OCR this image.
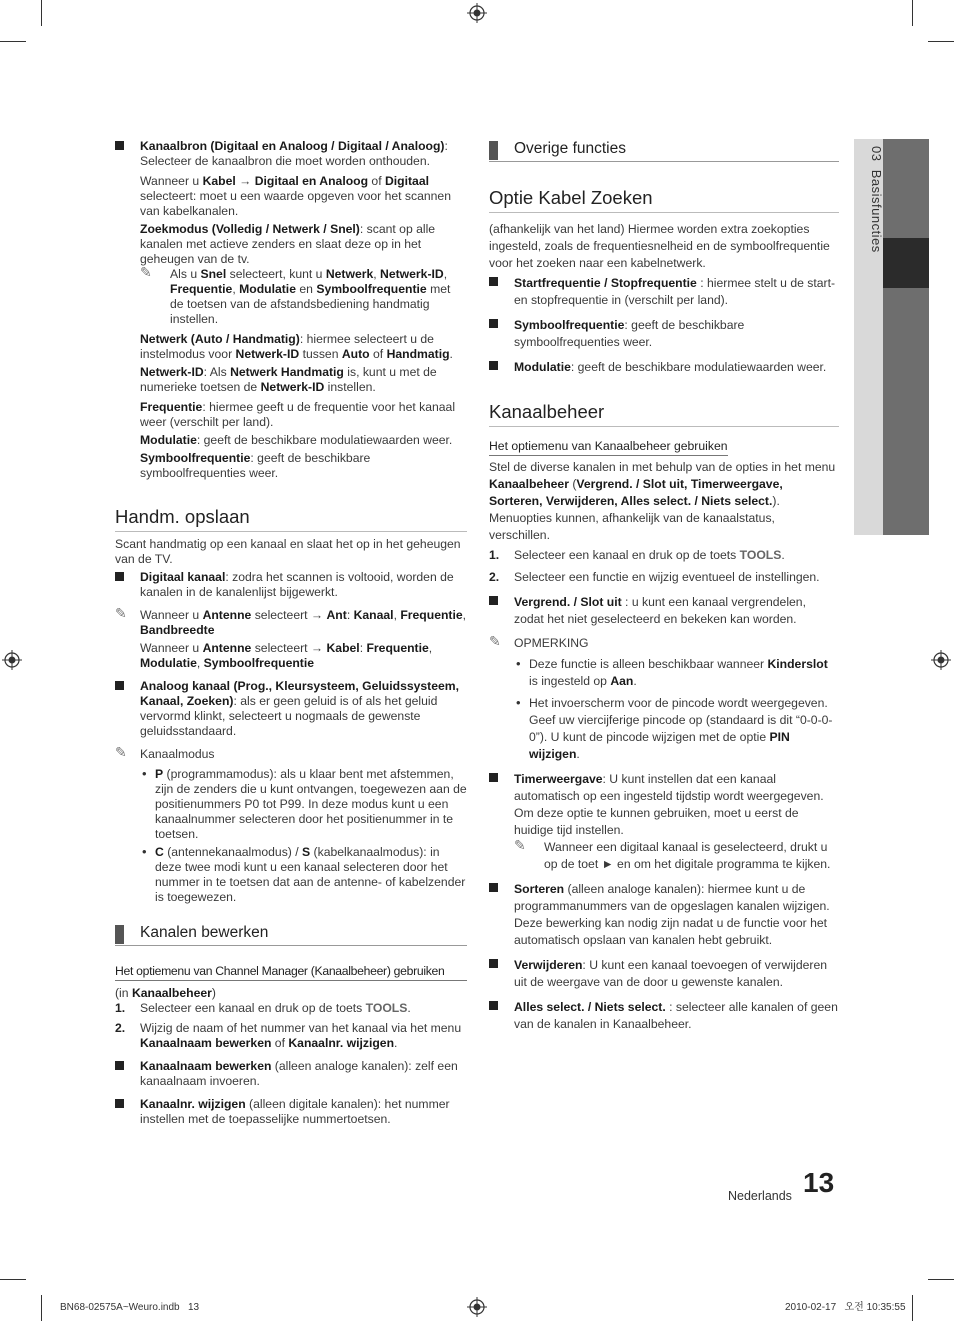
03  Basisfuncties

Kanaalbron (Digitaal en Analoog / Digitaal / Analoog): Selecteer de kanaalbron die moet worden onthouden.

Wanneer u Kabel → Digitaal en Analoog of Digitaal selecteert: moet u een waarde opgeven voor het scannen van kabelkanalen.

Zoekmodus (Volledig / Netwerk / Snel): scant op alle kanalen met actieve zenders en slaat deze op in het geheugen van de tv.

✎	Als u Snel selecteert, kunt u Netwerk, Netwerk-ID, Frequentie, Modulatie en Symboolfrequentie met de toetsen van de afstandsbediening handmatig instellen.

Netwerk (Auto / Handmatig): hiermee selecteert u de instelmodus voor Netwerk-ID tussen Auto of Handmatig.

Netwerk-ID: Als Netwerk Handmatig is, kunt u met de numerieke toetsen de Netwerk-ID instellen.

Frequentie: hiermee geeft u de frequentie voor het kanaal weer (verschilt per land).

Modulatie: geeft de beschikbare modulatiewaarden weer.

Symboolfrequentie: geeft de beschikbare symboolfrequenties weer.

Handm. opslaan

Scant handmatig op een kanaal en slaat het op in het geheugen van de TV.

Digitaal kanaal: zodra het scannen is voltooid, worden de kanalen in de kanalenlijst bijgewerkt.

✎ Wanneer u Antenne selecteert → Ant: Kanaal, Frequentie, Bandbreedte

Wanneer u Antenne selecteert → Kabel: Frequentie, Modulatie, Symboolfrequentie

Analoog kanaal (Prog., Kleursysteem, Geluidssysteem, Kanaal, Zoeken): als er geen geluid is of als het geluid vervormd klinkt, selecteert u nogmaals de gewenste geluidsstandaard.

✎ Kanaalmodus

• P (programmamodus): als u klaar bent met afstemmen, zijn de zenders die u kunt ontvangen, toegewezen aan de positienummers P0 tot P99. In deze modus kunt u een kanaalnummer selecteren door het positienummer in te toetsen.

• C (antennekanaalmodus) / S (kabelkanaalmodus): in deze twee modi kunt u een kanaal selecteren door het nummer in te toetsen dat aan de antenne- of kabelzender is toegewezen.

Kanalen bewerken
Het optiemenu van Channel Manager (Kanaalbeheer) gebruiken

(in Kanaalbeheer)

1. Selecteer een kanaal en druk op de toets TOOLS.

2. Wijzig de naam of het nummer van het kanaal via het menu Kanaalnaam bewerken of Kanaalnr. wijzigen.

Kanaalnaam bewerken (alleen analoge kanalen): zelf een kanaalnaam invoeren.

Kanaalnr. wijzigen (alleen digitale kanalen): het nummer instellen met de toepasselijke nummertoetsen.

Overige functies
Optie Kabel Zoeken

(afhankelijk van het land) Hiermee worden extra zoekopties ingesteld, zoals de frequentiesnelheid en de symboolfrequentie voor het zoeken naar een kabelnetwerk.

Startfrequentie / Stopfrequentie : hiermee stelt u de start- en stopfrequentie in (verschilt per land).

Symboolfrequentie: geeft de beschikbare symboolfrequenties weer.

Modulatie: geeft de beschikbare modulatiewaarden weer.

Kanaalbeheer
Het optiemenu van Kanaalbeheer gebruiken

Stel de diverse kanalen in met behulp van de opties in het menu Kanaalbeheer (Vergrend. / Slot uit, Timerweergave, Sorteren, Verwijderen, Alles select. / Niets select.). Menuopties kunnen, afhankelijk van de kanaalstatus, verschillen.

1. Selecteer een kanaal en druk op de toets TOOLS.

2. Selecteer een functie en wijzig eventueel de instellingen.

Vergrend. / Slot uit : u kunt een kanaal vergrendelen, zodat het niet geselecteerd en bekeken kan worden.

✎ OPMERKING

• Deze functie is alleen beschikbaar wanneer Kinderslot is ingesteld op Aan.

• Het invoerscherm voor de pincode wordt weergegeven. Geef uw viercijferige pincode op (standaard is dit “0-0-0-0”). U kunt de pincode wijzigen met de optie PIN wijzigen.

Timerweergave: U kunt instellen dat een kanaal automatisch op een ingesteld tijdstip wordt weergegeven. Om deze optie te kunnen gebruiken, moet u eerst de huidige tijd instellen.

✎ Wanneer een digitaal kanaal is geselecteerd, drukt u op de toet ► en om het digitale programma te kijken.

Sorteren (alleen analoge kanalen): hiermee kunt u de programmanummers van de opgeslagen kanalen wijzigen. Deze bewerking kan nodig zijn nadat u de functie voor het automatisch opslaan van kanalen hebt gebruikt.

Verwijderen: U kunt een kanaal toevoegen of verwijderen uit de weergave van de door u gewenste kanalen.

Alles select. / Niets select. : selecteer alle kanalen of geen van de kanalen in Kanaalbeheer.

Nederlands 13
BN68-02575A~Weuro.indb   13	2010-02-17   오전 10:35:55
